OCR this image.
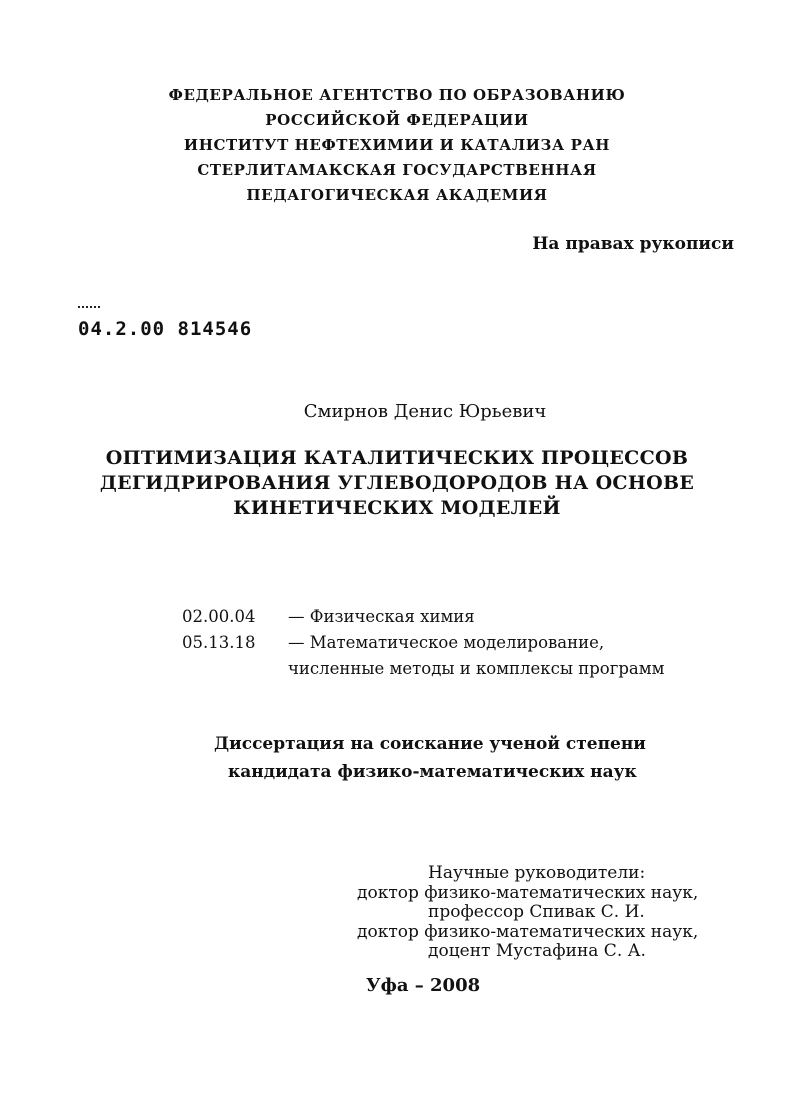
ФЕДЕРАЛЬНОЕ АГЕНТСТВО ПО ОБРАЗОВАНИЮ
РОССИЙСКОЙ ФЕДЕРАЦИИ
ИНСТИТУТ НЕФТЕХИМИИ И КАТАЛИЗА РАН
СТЕРЛИТАМАКСКАЯ ГОСУДАРСТВЕННАЯ
ПЕДАГОГИЧЕСКАЯ АКАДЕМИЯ
На правах рукописи
04.2.00 814546
Смирнов Денис Юрьевич
ОПТИМИЗАЦИЯ КАТАЛИТИЧЕСКИХ ПРОЦЕССОВ
ДЕГИДРИРОВАНИЯ УГЛЕВОДОРОДОВ НА ОСНОВЕ
КИНЕТИЧЕСКИХ МОДЕЛЕЙ
02.00.04 — Физическая химия
05.13.18 — Математическое моделирование,
численные методы и комплексы программ
Диссертация на соискание ученой степени
кандидата физико-математических наук
Научные руководители:
доктор физико-математических наук,
профессор Спивак С. И.
доктор физико-математических наук,
доцент Мустафина С. А.
Уфа – 2008
